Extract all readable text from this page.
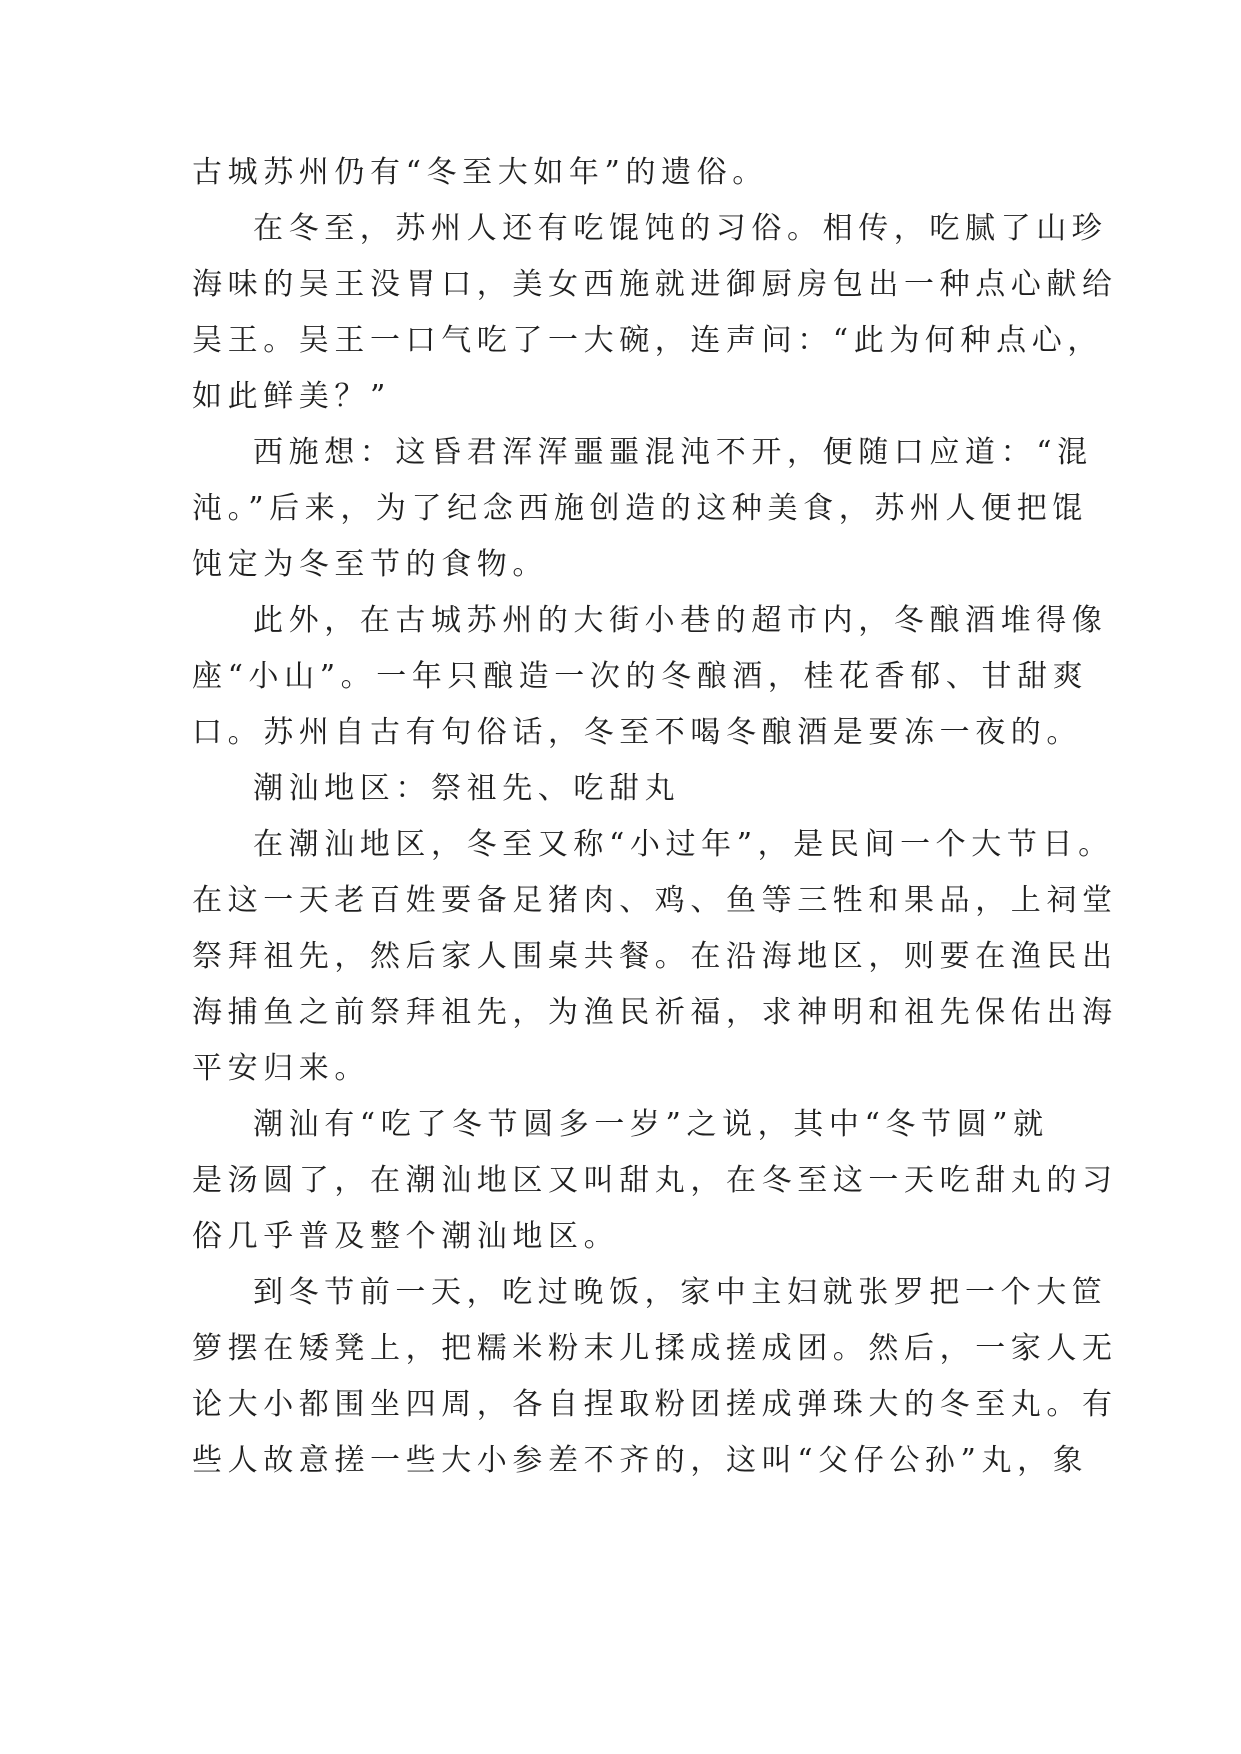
古城苏州仍有“冬至大如年”的遗俗。
在冬至，苏州人还有吃馄饨的习俗。相传，吃腻了山珍
海味的吴王没胃口，美女西施就进御厨房包出一种点心献给
吴王。吴王一口气吃了一大碗，连声问：“此为何种点心，
如此鲜美？”
西施想：这昏君浑浑噩噩混沌不开，便随口应道：“混
沌。”后来，为了纪念西施创造的这种美食，苏州人便把馄
饨定为冬至节的食物。
此外，在古城苏州的大街小巷的超市内，冬酿酒堆得像
座“小山”。一年只酿造一次的冬酿酒，桂花香郁、甘甜爽
口。苏州自古有句俗话，冬至不喝冬酿酒是要冻一夜的。
潮汕地区：祭祖先、吃甜丸
在潮汕地区，冬至又称“小过年”，是民间一个大节日。
在这一天老百姓要备足猪肉、鸡、鱼等三牲和果品，上祠堂
祭拜祖先，然后家人围桌共餐。在沿海地区，则要在渔民出
海捕鱼之前祭拜祖先，为渔民祈福，求神明和祖先保佑出海
平安归来。
潮汕有“吃了冬节圆多一岁”之说，其中“冬节圆”就
是汤圆了，在潮汕地区又叫甜丸，在冬至这一天吃甜丸的习
俗几乎普及整个潮汕地区。
到冬节前一天，吃过晚饭，家中主妇就张罗把一个大笸
箩摆在矮凳上，把糯米粉末儿揉成搓成团。然后，一家人无
论大小都围坐四周，各自捏取粉团搓成弹珠大的冬至丸。有
些人故意搓一些大小参差不齐的，这叫“父仔公孙”丸，象
